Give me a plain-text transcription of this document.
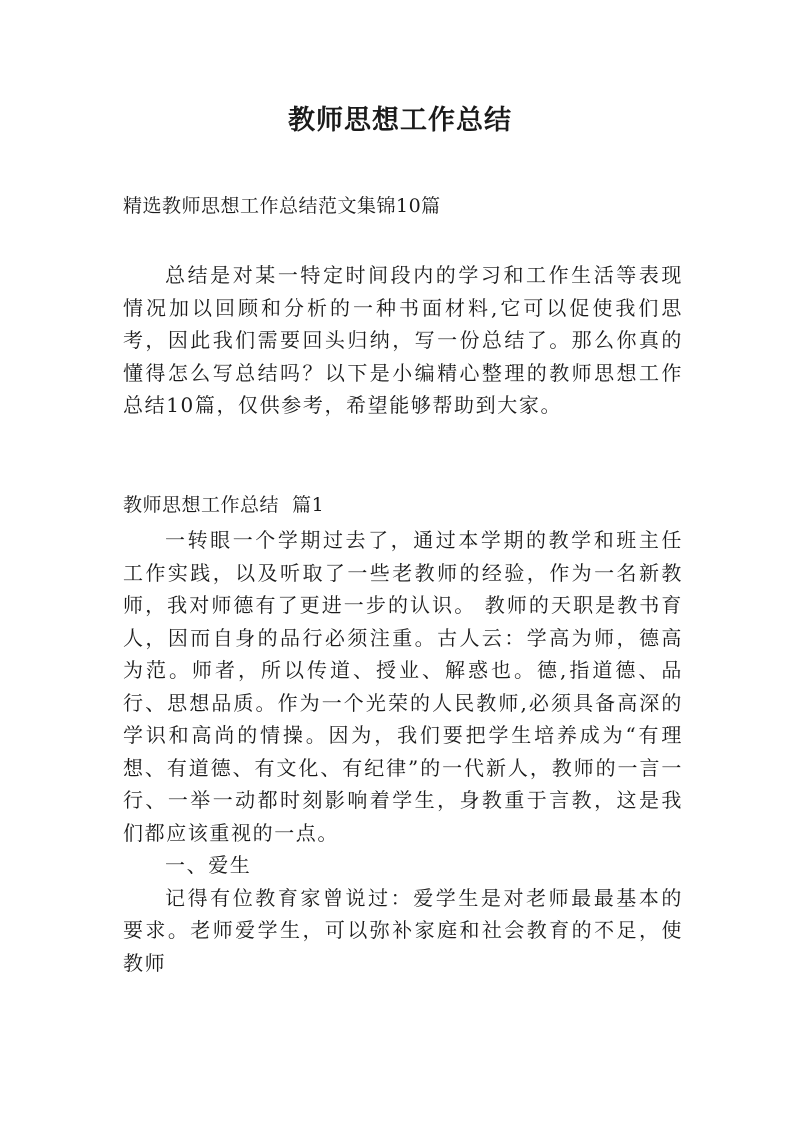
教师思想工作总结
精选教师思想工作总结范文集锦10篇
总结是对某一特定时间段内的学习和工作生活等表现情况加以回顾和分析的一种书面材料,它可以促使我们思考，因此我们需要回头归纳，写一份总结了。那么你真的懂得怎么写总结吗？以下是小编精心整理的教师思想工作总结10篇，仅供参考，希望能够帮助到大家。
教师思想工作总结  篇1

一转眼一个学期过去了，通过本学期的教学和班主任工作实践，以及听取了一些老教师的经验，作为一名新教师，我对师德有了更进一步的认识。 教师的天职是教书育人，因而自身的品行必须注重。古人云：学高为师，德高为范。师者，所以传道、授业、解惑也。德,指道德、品行、思想品质。作为一个光荣的人民教师,必须具备高深的学识和高尚的情操。因为，我们要把学生培养成为“有理想、有道德、有文化、有纪律”的一代新人，教师的一言一行、一举一动都时刻影响着学生，身教重于言教，这是我们都应该重视的一点。

一、爱生

记得有位教育家曾说过：爱学生是对老师最最基本的要求。老师爱学生，可以弥补家庭和社会教育的不足，使教师
